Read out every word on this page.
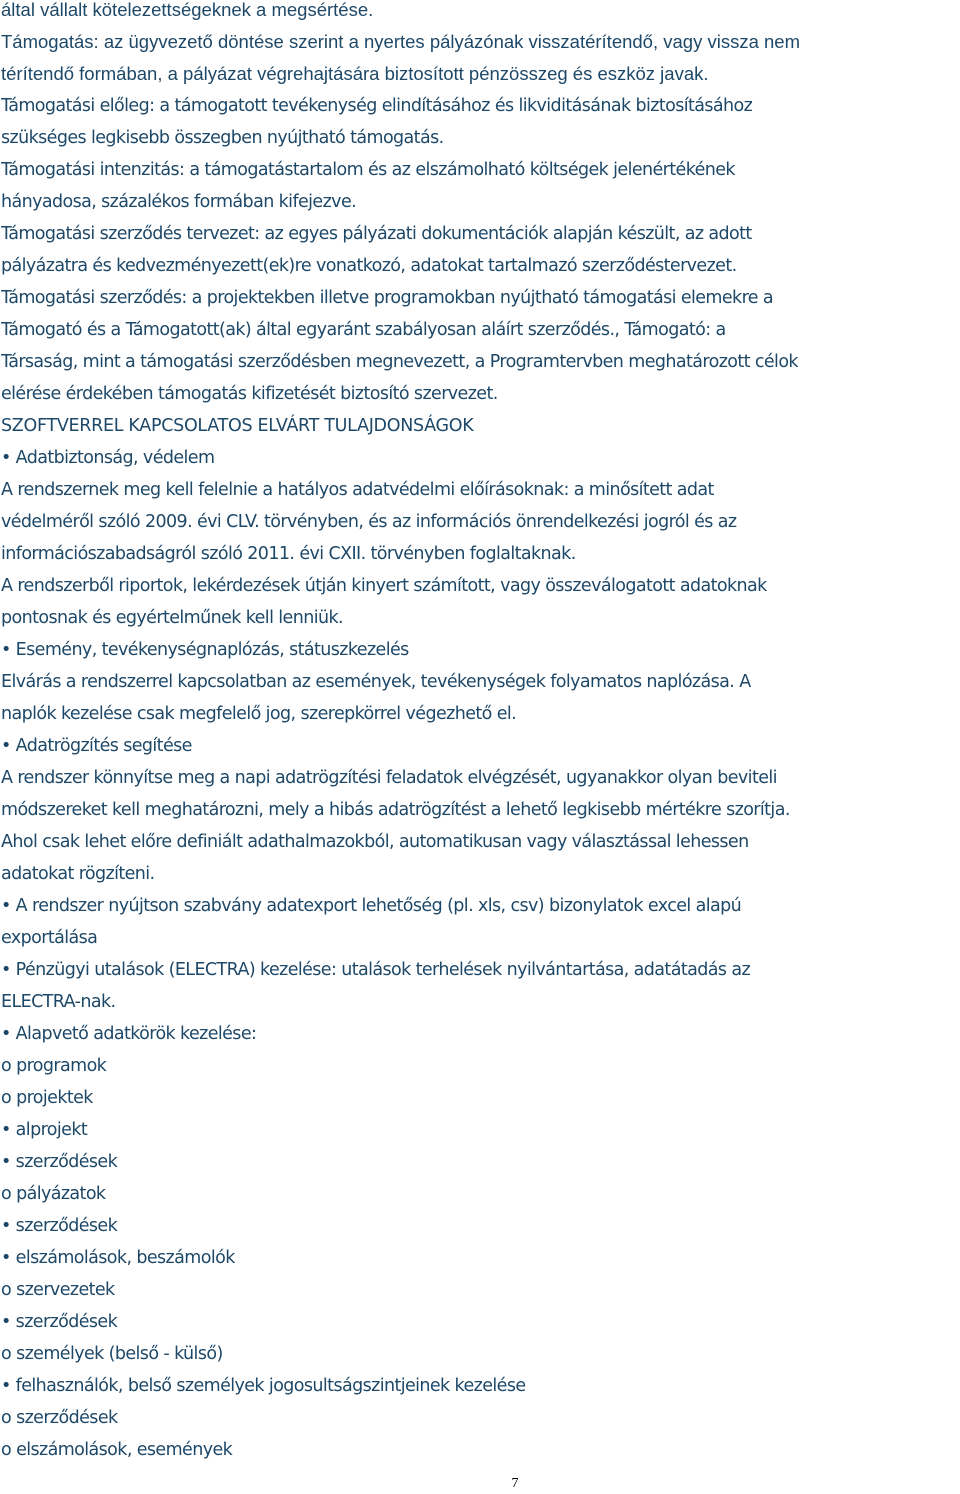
által vállalt kötelezettségeknek a megsértése.
Támogatás: az ügyvezető döntése szerint a nyertes pályázónak visszatérítendő, vagy vissza nem
térítendő formában, a pályázat végrehajtására biztosított pénzösszeg és eszköz javak.
Támogatási előleg: a támogatott tevékenység elindításához és likviditásának biztosításához
szükséges legkisebb összegben nyújtható támogatás.
Támogatási intenzitás: a támogatástartalom és az elszámolható költségek jelenértékének
hányadosa, százalékos formában kifejezve.
Támogatási szerződés tervezet: az egyes pályázati dokumentációk alapján készült, az adott
pályázatra és kedvezményezett(ek)re vonatkozó, adatokat tartalmazó szerződéstervezet.
Támogatási szerződés: a projektekben illetve programokban nyújtható támogatási elemekre a
Támogató és a Támogatott(ak) által egyaránt szabályosan aláírt szerződés., Támogató: a
Társaság, mint a támogatási szerződésben megnevezett, a Programtervben meghatározott célok
elérése érdekében támogatás kifizetését biztosító szervezet.
SZOFTVERREL KAPCSOLATOS ELVÁRT TULAJDONSÁGOK
• Adatbiztonság, védelem
A rendszernek meg kell felelnie a hatályos adatvédelmi előírásoknak: a minősített adat
védelméről szóló 2009. évi CLV. törvényben, és az információs önrendelkezési jogról és az
információszabadságról szóló 2011. évi CXII. törvényben foglaltaknak.
A rendszerből riportok, lekérdezések útján kinyert számított, vagy összeválogatott adatoknak
pontosnak és egyértelműnek kell lenniük.
• Esemény, tevékenységnaplózás, státuszkezelés
Elvárás a rendszerrel kapcsolatban az események, tevékenységek folyamatos naplózása. A
naplók kezelése csak megfelelő jog, szerepkörrel végezhető el.
• Adatrögzítés segítése
A rendszer könnyítse meg a napi adatrögzítési feladatok elvégzését, ugyanakkor olyan beviteli
módszereket kell meghatározni, mely a hibás adatrögzítést a lehető legkisebb mértékre szorítja.
Ahol csak lehet előre definiált adathalmazokból, automatikusan vagy választással lehessen
adatokat rögzíteni.
• A rendszer nyújtson szabvány adatexport lehetőség (pl. xls, csv) bizonylatok excel alapú
exportálása
• Pénzügyi utalások (ELECTRA) kezelése: utalások terhelések nyilvántartása, adatátadás az
ELECTRA-nak.
• Alapvető adatkörök kezelése:
o programok
o projektek
• alprojekt
• szerződések
o pályázatok
• szerződések
• elszámolások, beszámolók
o szervezetek
• szerződések
o személyek (belső - külső)
• felhasználók, belső személyek jogosultságszintjeinek kezelése
o szerződések
o elszámolások, események
7
